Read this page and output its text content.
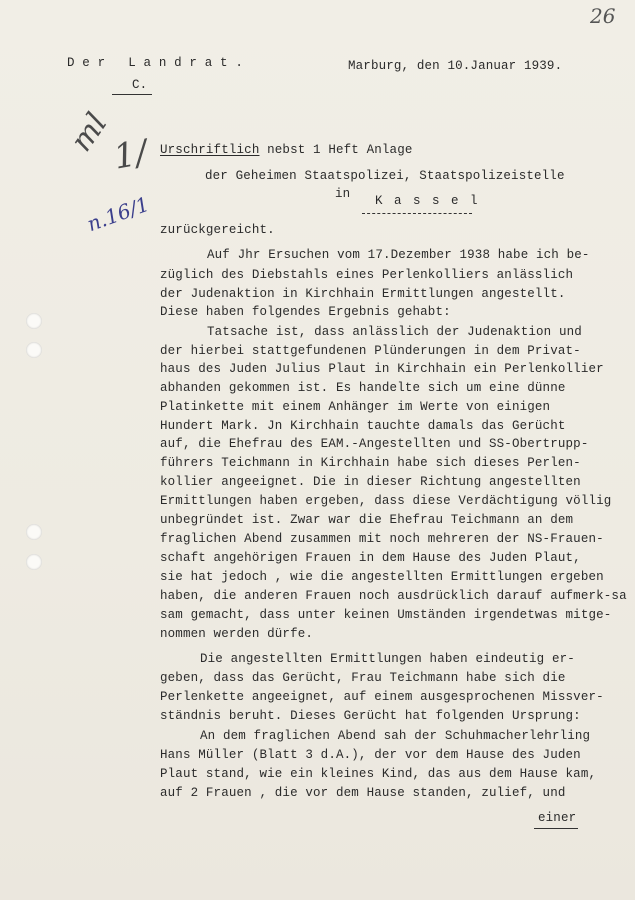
26
D e r   L a n d r a t .
C.
Marburg, den 10.Januar 1939.
ml
1/
n.16/1
Urschriftlich nebst 1 Heft Anlage
der Geheimen Staatspolizei, Staatspolizeistelle
in K a s s e l
zurückgereicht.
Auf Jhr Ersuchen vom 17.Dezember 1938 habe ich be-
züglich des Diebstahls eines Perlenkolliers anlässlich
der Judenaktion in Kirchhain Ermittlungen angestellt.
Diese haben folgendes Ergebnis gehabt:
Tatsache ist, dass anlässlich der Judenaktion und
der hierbei stattgefundenen Plünderungen in dem Privat-
haus des Juden Julius Plaut in Kirchhain ein Perlenkollier
abhanden gekommen ist. Es handelte sich um eine dünne
Platinkette mit einem Anhänger im Werte von einigen
Hundert Mark. Jn Kirchhain tauchte damals das Gerücht
auf, die Ehefrau des EAM.-Angestellten und SS-Obertrupp-
führers Teichmann in Kirchhain habe sich dieses Perlen-
kollier angeeignet. Die in dieser Richtung angestellten
Ermittlungen haben ergeben, dass diese Verdächtigung völlig
unbegründet ist. Zwar war die Ehefrau Teichmann an dem
fraglichen Abend zusammen mit noch mehreren der NS-Frauen-
schaft angehörigen Frauen in dem Hause des Juden Plaut,
sie hat jedoch , wie die angestellten Ermittlungen ergeben
haben, die anderen Frauen noch ausdrücklich darauf aufmerk-sa
sam gemacht, dass unter keinen Umständen irgendetwas mitge-
nommen werden dürfe.
Die angestellten Ermittlungen haben eindeutig er-
geben, dass das Gerücht, Frau Teichmann habe sich die
Perlenkette angeeignet, auf einem ausgesprochenen Missver-
ständnis beruht. Dieses Gerücht hat folgenden Ursprung:
An dem fraglichen Abend sah der Schuhmacherlehrling
Hans Müller (Blatt 3 d.A.), der vor dem Hause des Juden
Plaut stand, wie ein kleines Kind, das aus dem Hause kam,
auf 2 Frauen , die vor dem Hause standen, zulief, und
einer
